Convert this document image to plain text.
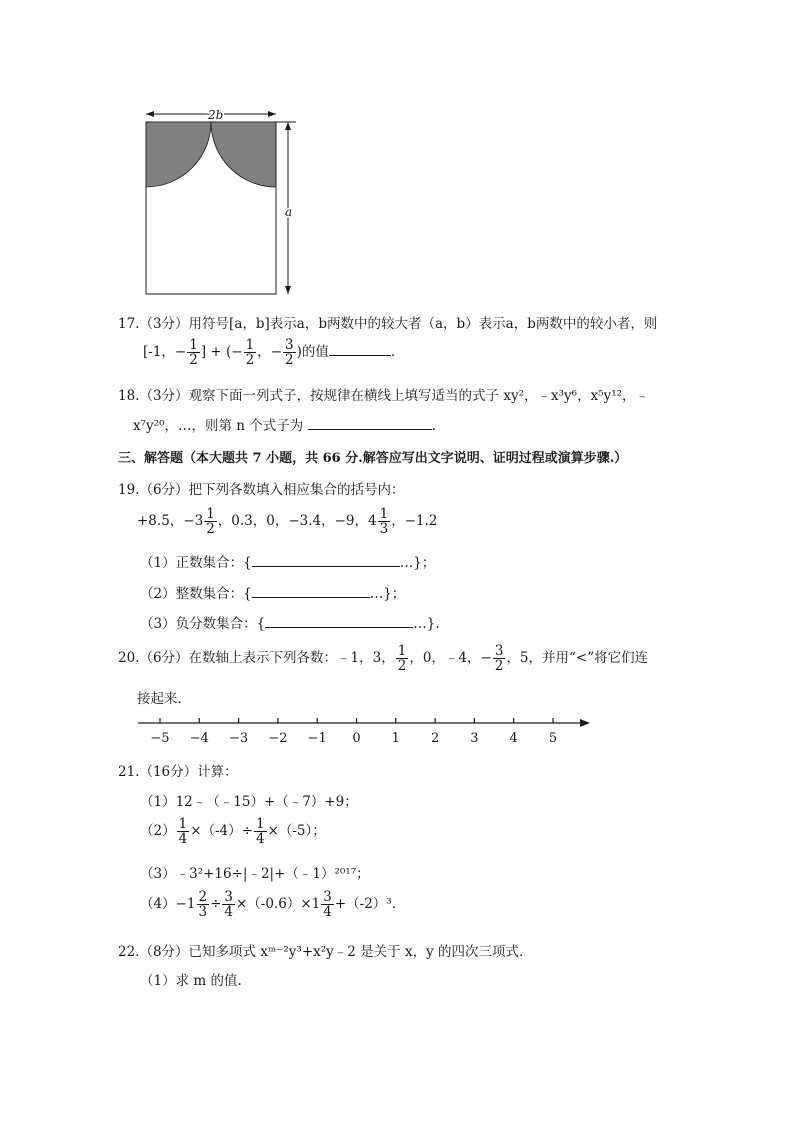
2b
a
17.（3分）用符号[a，b]表示a，b两数中的较大者（a，b）表示a，b两数中的较小者，则
[-1，− $\frac{1}{2}$ ] + (− $\frac{1}{2}$ ，− $\frac{3}{2}$ )的值	.
18.（3分）观察下面一列式子，按规律在横线上填写适当的式子 xy²，﹣x³y⁶，x⁵y¹²，﹣
x⁷y²⁰，…，则第 n 个式子为	.
三、解答题（本大题共 7 小题，共 66 分.解答应写出文字说明、证明过程或演算步骤.）
19.（6分）把下列各数填入相应集合的括号内：
+8.5，$-3 \frac{1}{2}$ ，0.3，0，−3.4，−9，$4 \frac{1}{3}$ ，−1.2
（1）正数集合：{	…}；
（2）整数集合：{	…}；
（3）负分数集合：{	…}.
20.（6分）在数轴上表示下列各数：﹣1，3， $\frac{1}{2}$ ，0，﹣4，− $\frac{3}{2}$ ，5，并用“<”将它们连
接起来.
−5 −4 −3 −2 −1 0 1 2 3 4 5
21.（16分）计算：
（1）12﹣（﹣15）+（﹣7）+9；
$(2) \frac{1}{4} \times(-4)\div \frac{1}{4} \times(-5)$；
（3）﹣3²+16÷|﹣2|+（﹣1）²⁰¹⁷；
$(4)-1 \frac{2}{3} \div \frac{3}{4} \times(-0.6)\times 1 \frac{3}{4} +(-2)^3$.
22.（8分）已知多项式 xᵐ⁻²y³+x²y﹣2 是关于 x，y 的四次三项式.
（1）求 m 的值.
